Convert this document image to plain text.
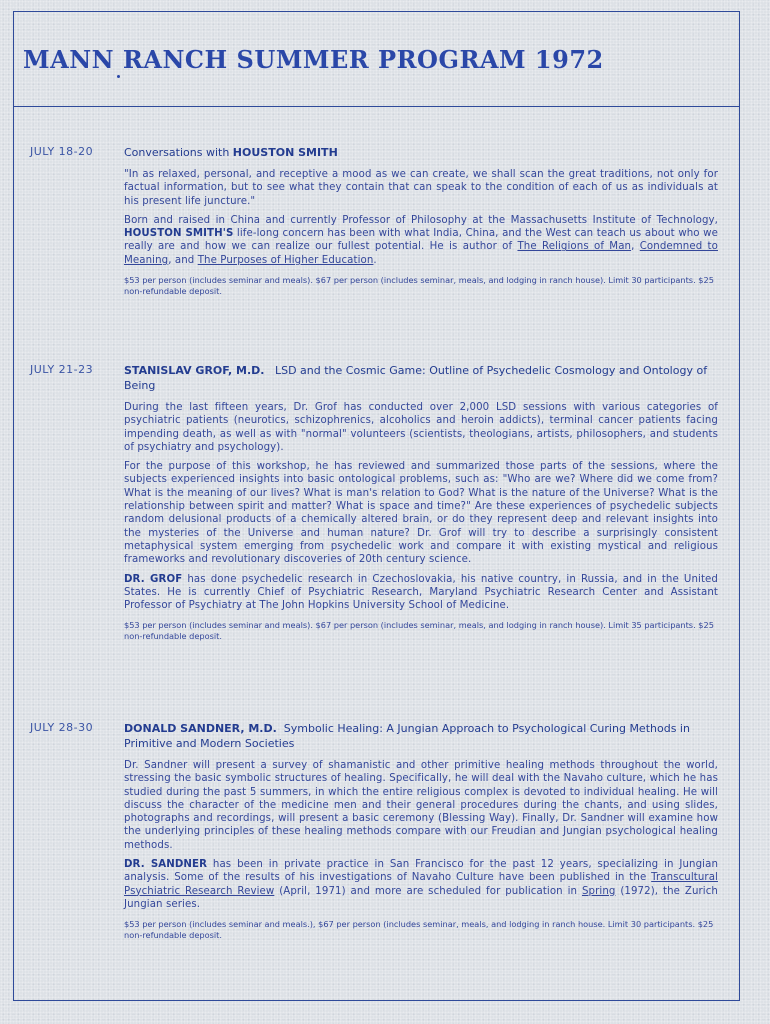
MANN RANCH SUMMER PROGRAM 1972
JULY 18-20	Conversations with HOUSTON SMITH

"In as relaxed, personal, and receptive a mood as we can create, we shall scan the great traditions, not only for factual information, but to see what they contain that can speak to the condition of each of us as individuals at his present life juncture."

Born and raised in China and currently Professor of Philosophy at the Massachusetts Institute of Technology, HOUSTON SMITH'S life-long concern has been with what India, China, and the West can teach us about who we really are and how we can realize our fullest potential. He is author of The Religions of Man, Condemned to Meaning, and The Purposes of Higher Education.

$53 per person (includes seminar and meals). $67 per person (includes seminar, meals, and lodging in ranch house). Limit 30 participants. $25 non-refundable deposit.

JULY 21-23	STANISLAV GROF, M.D. LSD and the Cosmic Game: Outline of Psychedelic Cosmology and Ontology of Being

During the last fifteen years, Dr. Grof has conducted over 2,000 LSD sessions with various categories of psychiatric patients (neurotics, schizophrenics, alcoholics and heroin addicts), terminal cancer patients facing impending death, as well as with "normal" volunteers (scientists, theologians, artists, philosophers, and students of psychiatry and psychology).

For the purpose of this workshop, he has reviewed and summarized those parts of the sessions, where the subjects experienced insights into basic ontological problems, such as: "Who are we? Where did we come from? What is the meaning of our lives? What is man's relation to God? What is the nature of the Universe? What is the relationship between spirit and matter? What is space and time?" Are these experiences of psychedelic subjects random delusional products of a chemically altered brain, or do they represent deep and relevant insights into the mysteries of the Universe and human nature? Dr. Grof will try to describe a surprisingly consistent metaphysical system emerging from psychedelic work and compare it with existing mystical and religious frameworks and revolutionary discoveries of 20th century science.

DR. GROF has done psychedelic research in Czechoslovakia, his native country, in Russia, and in the United States. He is currently Chief of Psychiatric Research, Maryland Psychiatric Research Center and Assistant Professor of Psychiatry at The John Hopkins University School of Medicine.

$53 per person (includes seminar and meals). $67 per person (includes seminar, meals, and lodging in ranch house). Limit 35 participants. $25 non-refundable deposit.

JULY 28-30	DONALD SANDNER, M.D. Symbolic Healing: A Jungian Approach to Psychological Curing Methods in Primitive and Modern Societies

Dr. Sandner will present a survey of shamanistic and other primitive healing methods throughout the world, stressing the basic symbolic structures of healing. Specifically, he will deal with the Navaho culture, which he has studied during the past 5 summers, in which the entire religious complex is devoted to individual healing. He will discuss the character of the medicine men and their general procedures during the chants, and using slides, photographs and recordings, will present a basic ceremony (Blessing Way). Finally, Dr. Sandner will examine how the underlying principles of these healing methods compare with our Freudian and Jungian psychological healing methods.

DR. SANDNER has been in private practice in San Francisco for the past 12 years, specializing in Jungian analysis. Some of the results of his investigations of Navaho Culture have been published in the Transcultural Psychiatric Research Review (April, 1971) and more are scheduled for publication in Spring (1972), the Zurich Jungian series.

$53 per person (includes seminar and meals.), $67 per person (includes seminar, meals, and lodging in ranch house. Limit 30 participants. $25 non-refundable deposit.
